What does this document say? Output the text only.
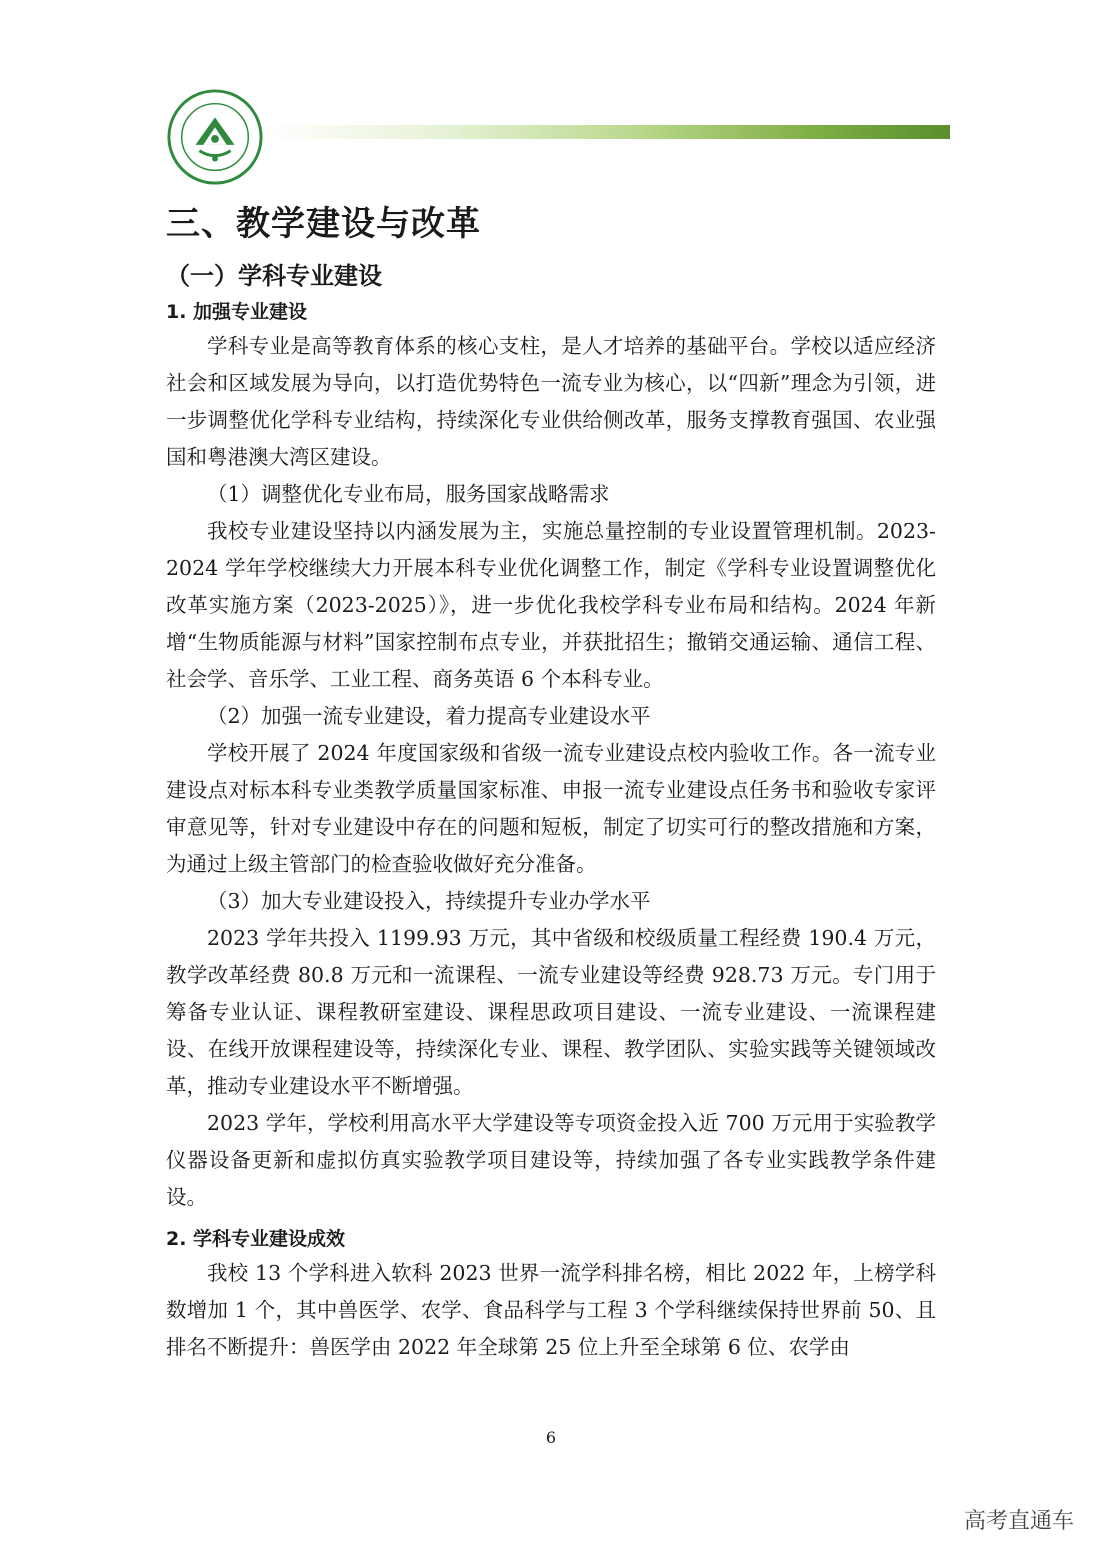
三、教学建设与改革
（一）学科专业建设
1. 加强专业建设

学科专业是高等教育体系的核心支柱，是人才培养的基础平台。学校以适应经济社会和区域发展为导向，以打造优势特色一流专业为核心，以“四新”理念为引领，进一步调整优化学科专业结构，持续深化专业供给侧改革，服务支撑教育强国、农业强国和粤港澳大湾区建设。

（1）调整优化专业布局，服务国家战略需求

我校专业建设坚持以内涵发展为主，实施总量控制的专业设置管理机制。2023-2024 学年学校继续大力开展本科专业优化调整工作，制定《学科专业设置调整优化改革实施方案（2023-2025）》，进一步优化我校学科专业布局和结构。2024 年新增“生物质能源与材料”国家控制布点专业，并获批招生；撤销交通运输、通信工程、社会学、音乐学、工业工程、商务英语 6 个本科专业。

（2）加强一流专业建设，着力提高专业建设水平

学校开展了 2024 年度国家级和省级一流专业建设点校内验收工作。各一流专业建设点对标本科专业类教学质量国家标准、申报一流专业建设点任务书和验收专家评审意见等，针对专业建设中存在的问题和短板，制定了切实可行的整改措施和方案，为通过上级主管部门的检查验收做好充分准备。

（3）加大专业建设投入，持续提升专业办学水平

2023 学年共投入 1199.93 万元，其中省级和校级质量工程经费 190.4 万元，教学改革经费 80.8 万元和一流课程、一流专业建设等经费 928.73 万元。专门用于筹备专业认证、课程教研室建设、课程思政项目建设、一流专业建设、一流课程建设、在线开放课程建设等，持续深化专业、课程、教学团队、实验实践等关键领域改革，推动专业建设水平不断增强。

2023 学年，学校利用高水平大学建设等专项资金投入近 700 万元用于实验教学仪器设备更新和虚拟仿真实验教学项目建设等，持续加强了各专业实践教学条件建设。

2. 学科专业建设成效

我校 13 个学科进入软科 2023 世界一流学科排名榜，相比 2022 年，上榜学科数增加 1 个，其中兽医学、农学、食品科学与工程 3 个学科继续保持世界前 50、且排名不断提升：兽医学由 2022 年全球第 25 位上升至全球第 6 位、农学由

6
高考直通车
